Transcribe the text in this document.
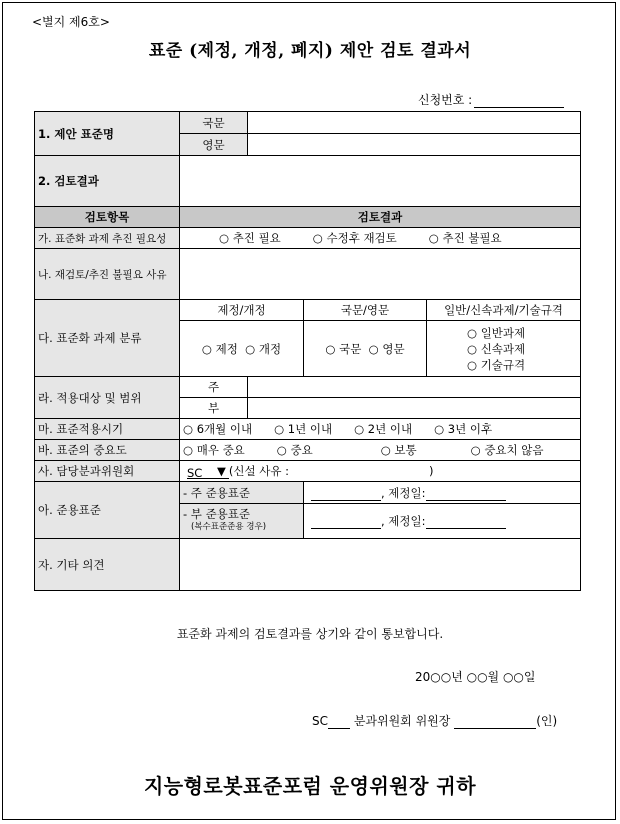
<별지 제6호>
표준 (제정, 개정, 폐지) 제안 검토 결과서
신청번호 :
1. 제안 표준명	국문			
	영문			
2. 검토결과				
검토항목	검토결과			
가. 표준화 과제 추진 필요성	○ 추진 필요 ○ 수정후 재검토 ○ 추진 불필요			
나. 재검토/추진 불필요 사유				
다. 표준화 과제 분류	제정/개정		국문/영문	일반/신속과제/기술규격
	○ 제정 ○ 개정		○ 국문 ○ 영문	○ 일반과제
○ 신속과제
○ 기술규격

라. 적용대상 및 범위	주			
	부			
마. 표준적용시기	○ 6개월 이내 ○ 1년 이내 ○ 2년 이내 ○ 3년 이후			
바. 표준의 중요도	○ 매우 중요 ○ 중요 ○ 보통 ○ 중요치 않음			
사. 담당분과위원회	SC ▼ (신설 사유 : )			
아. 준용표준	- 주 준용표준		, 제정일:	

	- 부 준용표준
(복수표준준용 경우)		, 제정일:	
자. 기타 의견				
표준화 과제의 검토결과를 상기와 같이 통보합니다.
20○○년 ○○월 ○○일
SC 분과위원회 위원장	(인)
지능형로봇표준포럼 운영위원장 귀하
